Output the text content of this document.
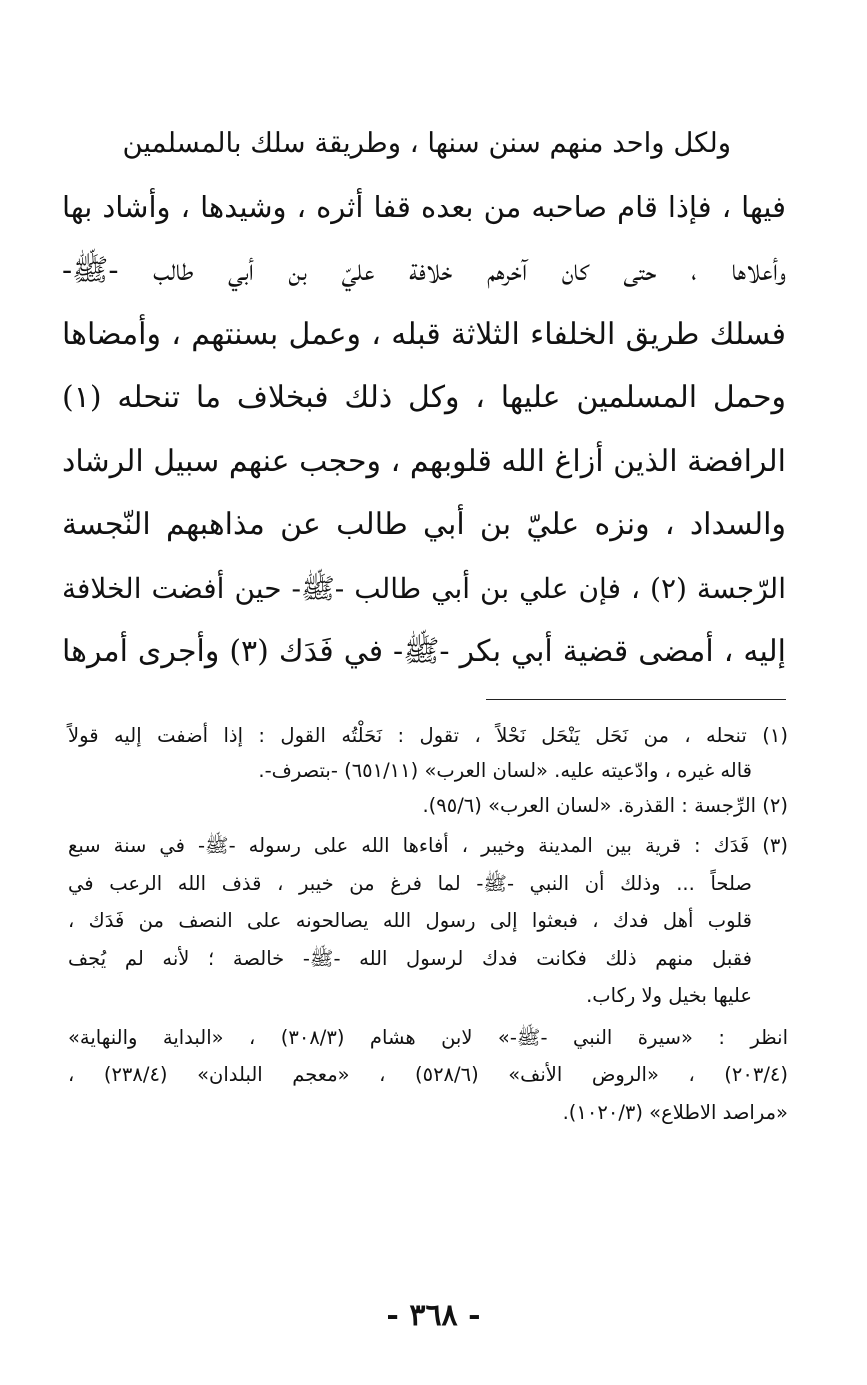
ولكل واحد منهم سنن سنها ، وطريقة سلك بالمسلمين
فيها ، فإذا قام صاحبه من بعده قفا أثره ، وشيدها ، وأشاد بها
وأعلاها ، حتى كان آخرهم خلافة عليّ بن أبي طالب -ﷺ-
فسلك طريق الخلفاء الثلاثة قبله ، وعمل بسنتهم ، وأمضاها
وحمل المسلمين عليها ، وكل ذلك فبخلاف ما تنحله (١)
الرافضة الذين أزاغ الله قلوبهم ، وحجب عنهم سبيل الرشاد
والسداد ، ونزه عليّ بن أبي طالب عن مذاهبهم النّجسة
الرّجسة (٢) ، فإن علي بن أبي طالب -ﷺ- حين أفضت الخلافة
إليه ، أمضى قضية أبي بكر -ﷺ- في فَدَك (٣) وأجرى أمرها
(١) تنحله ، من نَحَل يَنْحَل نَحْلاً ، تقول : نَحَلْتُه القول : إذا أضفت إليه قولاً
قاله غيره ، وادّعيته عليه. «لسان العرب» (٦٥١/١١) -بتصرف-.
(٢) الرِّجسة : القذرة. «لسان العرب» (٩٥/٦).
(٣) فَدَك : قرية بين المدينة وخيبر ، أفاءها الله على رسوله -ﷺ- في سنة سبع
صلحاً ... وذلك أن النبي -ﷺ- لما فرغ من خيبر ، قذف الله الرعب في
قلوب أهل فدك ، فبعثوا إلى رسول الله يصالحونه على النصف من فَدَك ،
فقبل منهم ذلك فكانت فدك لرسول الله -ﷺ- خالصة ؛ لأنه لم يُجف
عليها بخيل ولا ركاب.
انظر : «سيرة النبي -ﷺ-» لابن هشام (٣٠٨/٣) ، «البداية والنهاية»
(٢٠٣/٤) ، «الروض الأنف» (٥٢٨/٦) ، «معجم البلدان» (٢٣٨/٤) ،
«مراصد الاطلاع» (١٠٢٠/٣).
- ٣٦٨ -
